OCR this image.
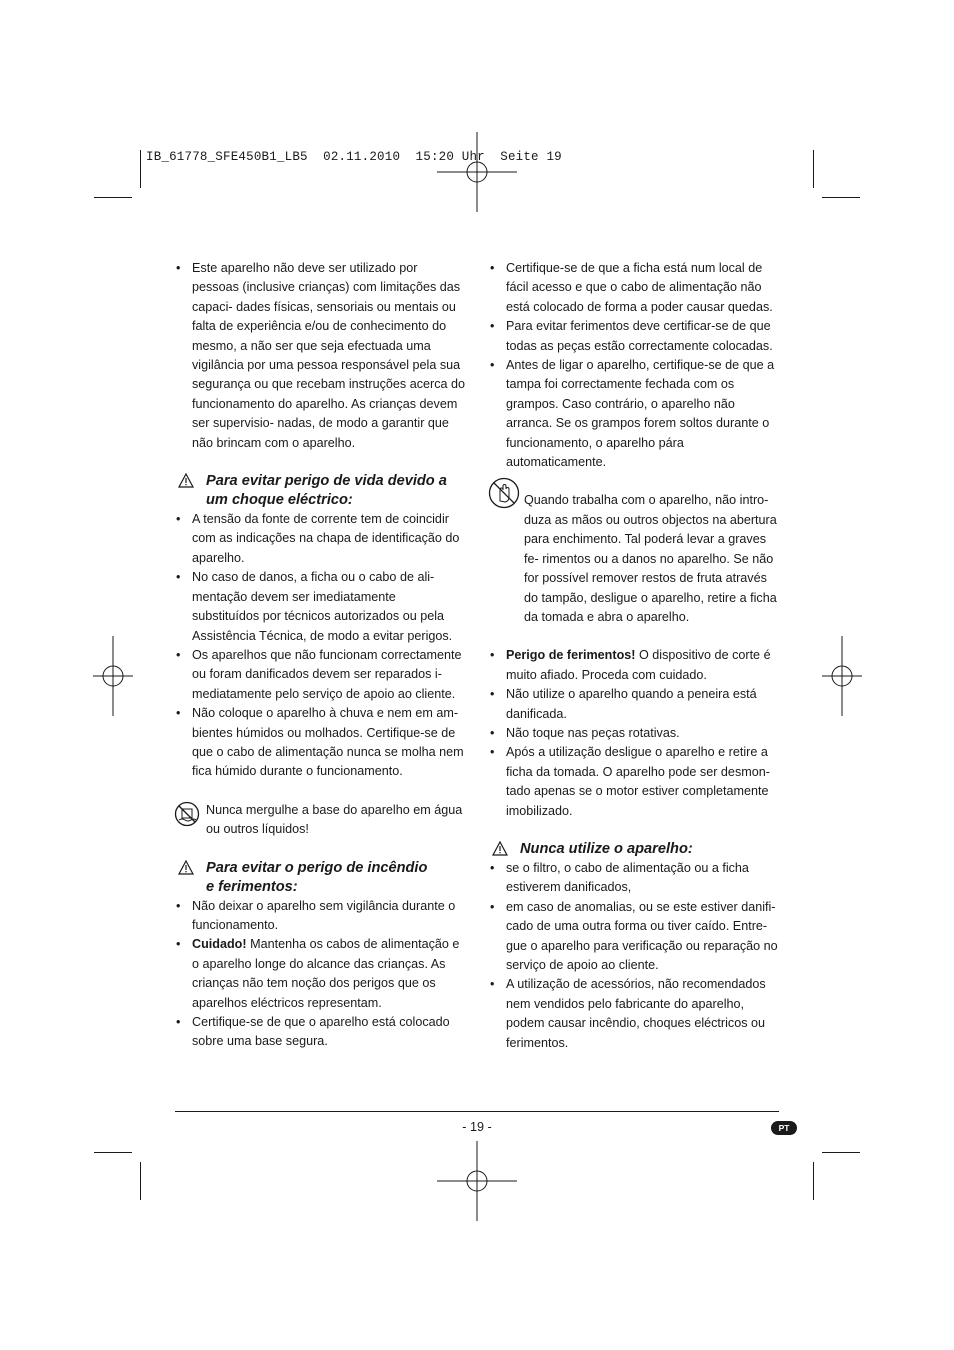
IB_61778_SFE450B1_LB5  02.11.2010  15:20 Uhr  Seite 19
• Este aparelho não deve ser utilizado por pessoas (inclusive crianças) com limitações das capaci- dades físicas, sensoriais ou mentais ou falta de experiência e/ou de conhecimento do mesmo, a não ser que seja efectuada uma vigilância por uma pessoa responsável pela sua segurança ou que recebam instruções acerca do funcionamento do aparelho. As crianças devem ser supervisio- nadas, de modo a garantir que não brincam com o aparelho.
Para evitar perigo de vida devido a
um choque eléctrico:
• A tensão da fonte de corrente tem de coincidir com as indicações na chapa de identificação do aparelho.
• No caso de danos, a ficha ou o cabo de ali- mentação devem ser imediatamente substituídos por técnicos autorizados ou pela Assistência Técnica, de modo a evitar perigos.
• Os aparelhos que não funcionam correctamente ou foram danificados devem ser reparados i- mediatamente pelo serviço de apoio ao cliente.
• Não coloque o aparelho à chuva e nem em am- bientes húmidos ou molhados. Certifique-se de que o cabo de alimentação nunca se molha nem fica húmido durante o funcionamento.
Nunca mergulhe a base do aparelho em água ou outros líquidos!
Para evitar o perigo de incêndio
e ferimentos:
• Não deixar o aparelho sem vigilância durante o funcionamento.
• Cuidado! Mantenha os cabos de alimentação e o aparelho longe do alcance das crianças. As crianças não tem noção dos perigos que os aparelhos eléctricos representam.
• Certifique-se de que o aparelho está colocado sobre uma base segura.
• Certifique-se de que a ficha está num local de fácil acesso e que o cabo de alimentação não está colocado de forma a poder causar quedas.
• Para evitar ferimentos deve certificar-se de que todas as peças estão correctamente colocadas.
• Antes de ligar o aparelho, certifique-se de que a tampa foi correctamente fechada com os grampos. Caso contrário, o aparelho não arranca. Se os grampos forem soltos durante o funcionamento, o aparelho pára automaticamente.
Quando trabalha com o aparelho, não intro- duza as mãos ou outros objectos na abertura para enchimento. Tal poderá levar a graves fe- rimentos ou a danos no aparelho. Se não for possível remover restos de fruta através do tampão, desligue o aparelho, retire a ficha da tomada e abra o aparelho.
• Perigo de ferimentos! O dispositivo de corte é muito afiado. Proceda com cuidado.
• Não utilize o aparelho quando a peneira está danificada.
• Não toque nas peças rotativas.
• Após a utilização desligue o aparelho e retire a ficha da tomada. O aparelho pode ser desmon- tado apenas se o motor estiver completamente imobilizado.
Nunca utilize o aparelho:
• se o filtro, o cabo de alimentação ou a ficha estiverem danificados,
• em caso de anomalias, ou se este estiver danifi- cado de uma outra forma ou tiver caído. Entre- gue o aparelho para verificação ou reparação no serviço de apoio ao cliente.
• A utilização de acessórios, não recomendados nem vendidos pelo fabricante do aparelho, podem causar incêndio, choques eléctricos ou ferimentos.
- 19 -	PT
